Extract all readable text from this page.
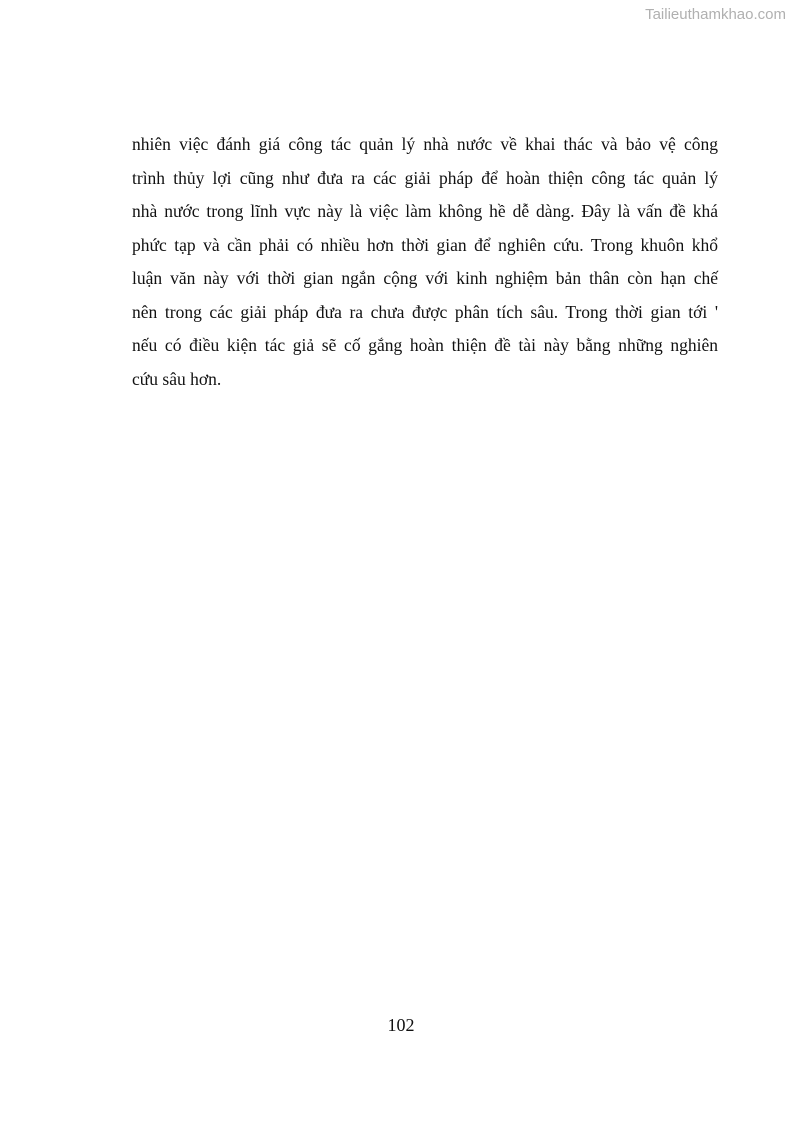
Tailieuthamkhao.com
nhiên việc đánh giá công tác quản lý nhà nước về khai thác và bảo vệ công
trình thủy lợi cũng như đưa ra các giải pháp để hoàn thiện công tác quản lý
nhà nước trong lĩnh vực này là việc làm không hề dễ dàng. Đây là vấn đề khá
phức tạp và cần phải có nhiều hơn thời gian để nghiên cứu. Trong khuôn khổ
luận văn này với thời gian ngắn cộng với kinh nghiệm bản thân còn hạn chế
nên trong các giải pháp đưa ra chưa được phân tích sâu. Trong thời gian tới '
nếu có điều kiện tác giả sẽ cố gắng hoàn thiện đề tài này bằng những nghiên
cứu sâu hơn.
102
